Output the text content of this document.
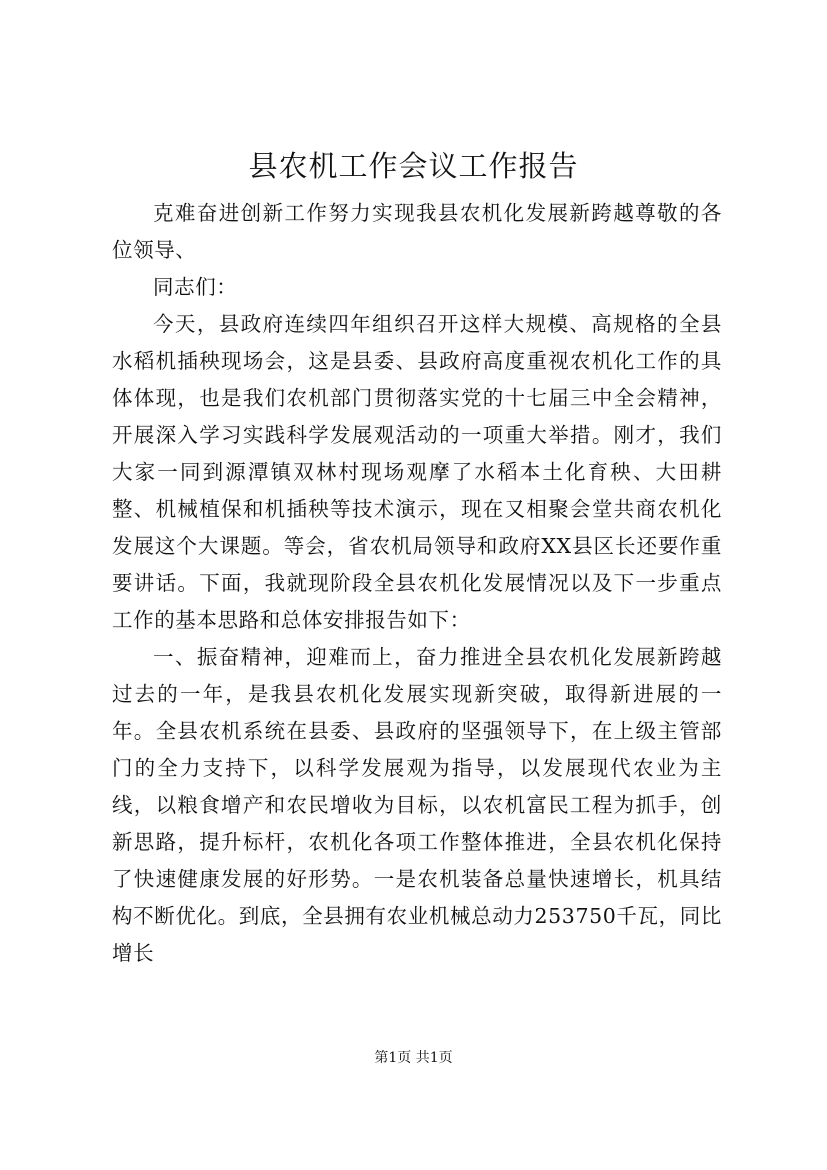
县农机工作会议工作报告

克难奋进创新工作努力实现我县农机化发展新跨越尊敬的各位领导、

同志们：

今天，县政府连续四年组织召开这样大规模、高规格的全县水稻机插秧现场会，这是县委、县政府高度重视农机化工作的具体体现，也是我们农机部门贯彻落实党的十七届三中全会精神，开展深入学习实践科学发展观活动的一项重大举措。刚才，我们大家一同到源潭镇双林村现场观摩了水稻本土化育秧、大田耕整、机械植保和机插秧等技术演示，现在又相聚会堂共商农机化发展这个大课题。等会，省农机局领导和政府XX县区长还要作重要讲话。下面，我就现阶段全县农机化发展情况以及下一步重点工作的基本思路和总体安排报告如下：

一、振奋精神，迎难而上，奋力推进全县农机化发展新跨越过去的一年，是我县农机化发展实现新突破，取得新进展的一年。全县农机系统在县委、县政府的坚强领导下，在上级主管部门的全力支持下，以科学发展观为指导，以发展现代农业为主线，以粮食增产和农民增收为目标，以农机富民工程为抓手，创新思路，提升标杆，农机化各项工作整体推进，全县农机化保持了快速健康发展的好形势。一是农机装备总量快速增长，机具结构不断优化。到底，全县拥有农业机械总动力253750千瓦，同比增长

第1页 共1页
